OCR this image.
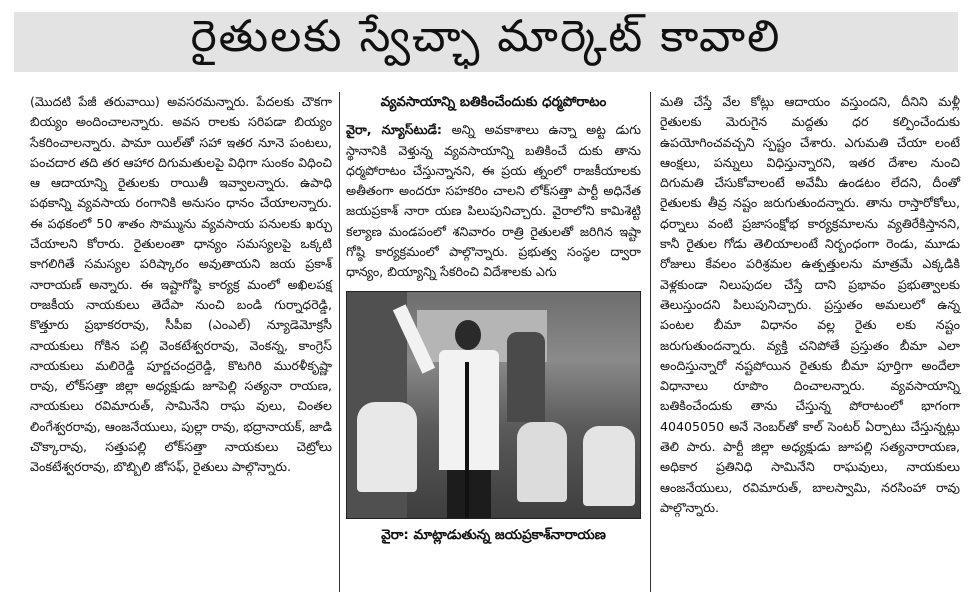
రైతులకు స్వేచ్ఛా మార్కెట్ కావాలి

(మొదటి పేజీ తరువాయి) అవసరమన్నారు. పేదలకు చౌకగా బియ్యం అందించాలన్నారు. అవస రాలకు సరిపడా బియ్యం సేకరించాలన్నారు. పామా యిల్‌తో సహా ఇతర నూనె పంటలు, పంచదార తది తర ఆహార దిగుమతులపై విధిగా సుంకం విధించి ఆ ఆదాయాన్ని రైతులకు రాయితీ ఇవ్వాలన్నారు. ఉపాధి పథకాన్ని వ్యవసాయ రంగానికి అనుసం ధానం చేయాలన్నారు. ఈ పథకంలో 50 శాతం సొమ్మును వ్యవసాయ పనులకు ఖర్చు చేయాలని కోరారు. రైతులంతా ధాన్యం సమస్యలపై ఒక్కటి కాగలిగితే సమస్యల పరిష్కారం అవుతాయని జయ ప్రకాశ్ నారాయణ్ అన్నారు. ఈ ఇష్టాగోష్ఠి కార్యక్ర మంలో అఖిలపక్ష రాజకీయ నాయకులు తెదేపా నుంచి బండి గుర్నాధరెడ్డి, కొత్తూరు ప్రభాకరరావు, సీపీఐ (ఎంఎల్) న్యూడెమోక్రసీ నాయకులు గోకిన పల్లి వెంకటేశ్వరరావు, వెంకన్న, కాంగ్రెస్ నాయకులు మలిరెడ్డి పూర్ణచంద్రరెడ్డి, కొటగిరి మురళీకృష్ణా రావు, లోక్‌సత్తా జిల్లా అధ్యక్షుడు జూపెల్లి సత్యనా రాయణ, నాయకులు రవిమారుత్, సామినేని రాఘ వులు, చింతల లింగేశ్వరరావు, ఆంజనేయులు, పుల్లా రావు, భద్రానాయక్, జాడి చొక్కారావు, సత్తుపల్లి లోక్‌సత్తా నాయకులు చెట్రోలు వెంకటేశ్వరరావు, బొబ్బిలి జోసఫ్, రైతులు పాల్గొన్నారు.

వ్యవసాయాన్ని బతికించేందుకు ధర్మపోరాటం

వైరా, న్యూస్‌టుడే: అన్ని అవకాశాలు ఉన్నా అట్ట డుగు స్థానానికి వెళ్తున్న వ్యవసాయాన్ని బతికించే దుకు తాను ధర్మపోరాటం చేస్తున్నానని, ఈ ప్రయ త్నంలో రాజకీయాలకు అతీతంగా అందరూ సహకరిం చాలని లోక్‌సత్తా పార్టీ అధినేత జయప్రకాశ్ నారా యణ పిలుపునిచ్చారు. వైరాలోని కామిశెట్టి కల్యాణ మండపంలో శనివారం రాత్రి రైతులతో జరిగిన ఇష్టా గోష్ఠి కార్యక్రమంలో పాల్గొన్నారు. ప్రభుత్వ సంస్థల ద్వారా ధాన్యం, బియ్యాన్ని సేకరించి విదేశాలకు ఎగు

వైరా: మాట్లాడుతున్న జయప్రకాశ్‌నారాయణ

మతి చేస్తే వేల కోట్లు ఆదాయం వస్తుందని, దీనిని మళ్లీ రైతులకు మెరుగైన మద్దతు ధర కల్పించేందుకు ఉపయోగించవచ్చని స్పష్టం చేశారు. ఎగుమతి చేయా లంటే ఆంక్షలు, పన్నులు విధిస్తున్నారని, ఇతర దేశాల నుంచి దిగుమతి చేసుకోవాలంటే అవేమీ ఉండటం లేదని, దీంతో రైతులకు తీవ్ర నష్టం జరుగుతుందన్నారు. తాను రాస్తారోకోలు, ధర్నాలు వంటి ప్రజాసంక్షోభ కార్యక్రమాలను వ్యతిరేకిస్తానని, కానీ రైతుల గోడు తెలియాలంటే నిర్బంధంగా రెండు, మూడు రోజులు కేవలం పరిశ్రమల ఉత్పత్తులను మాత్రమే ఎక్కడికి వెళ్లకుండా నిలుపుదల చేస్తే దాని ప్రభావం ప్రభుత్వాలకు తెలుస్తుందని పిలుపునిచ్చారు. ప్రస్తుతం అమలులో ఉన్న పంటల బీమా విధానం వల్ల రైతు లకు నష్టం జరుగుతుందన్నారు. వ్యక్తి చనిపోతే ప్రస్తుతం బీమా ఎలా అందిస్తున్నారో నష్టపోయిన రైతుకు బీమా పూర్తిగా అందేలా విధానాలు రూపొం దించాలన్నారు. వ్యవసాయాన్ని బతికించేందుకు తాను చేస్తున్న పోరాటంలో భాగంగా 40405050 అనే నెంబర్‌తో కాల్ సెంటర్ ఏర్పాటు చేస్తున్నట్లు తెలి పారు. పార్టీ జిల్లా అధ్యక్షుడు జూపల్లి సత్యనారాయణ, అధికార ప్రతినిధి సామినేని రాఘవులు, నాయకులు ఆంజనేయులు, రవిమారుత్, బాలస్వామి, నరసింహా రావు పాల్గొన్నారు.
